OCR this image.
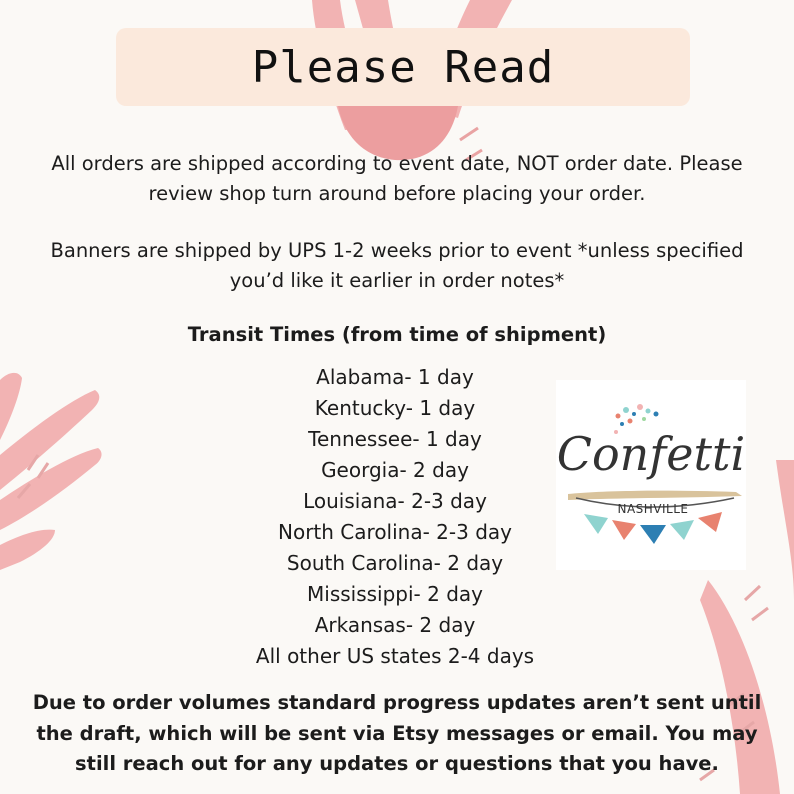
Please Read

All orders are shipped according to event date, NOT order date. Please
review shop turn around before placing your order.

Banners are shipped by UPS 1-2 weeks prior to event *unless specified
you’d like it earlier in order notes*

Transit Times (from time of shipment)
Alabama- 1 day
Kentucky- 1 day
Tennessee- 1 day
Georgia- 2 day
Louisiana- 2-3 day
North Carolina- 2-3 day
South Carolina- 2 day
Mississippi- 2 day
Arkansas- 2 day
All other US states 2-4 days

Due to order volumes standard progress updates aren’t sent until
the draft, which will be sent via Etsy messages or email. You may
still reach out for any updates or questions that you have.

Confetti
NASHVILLE
